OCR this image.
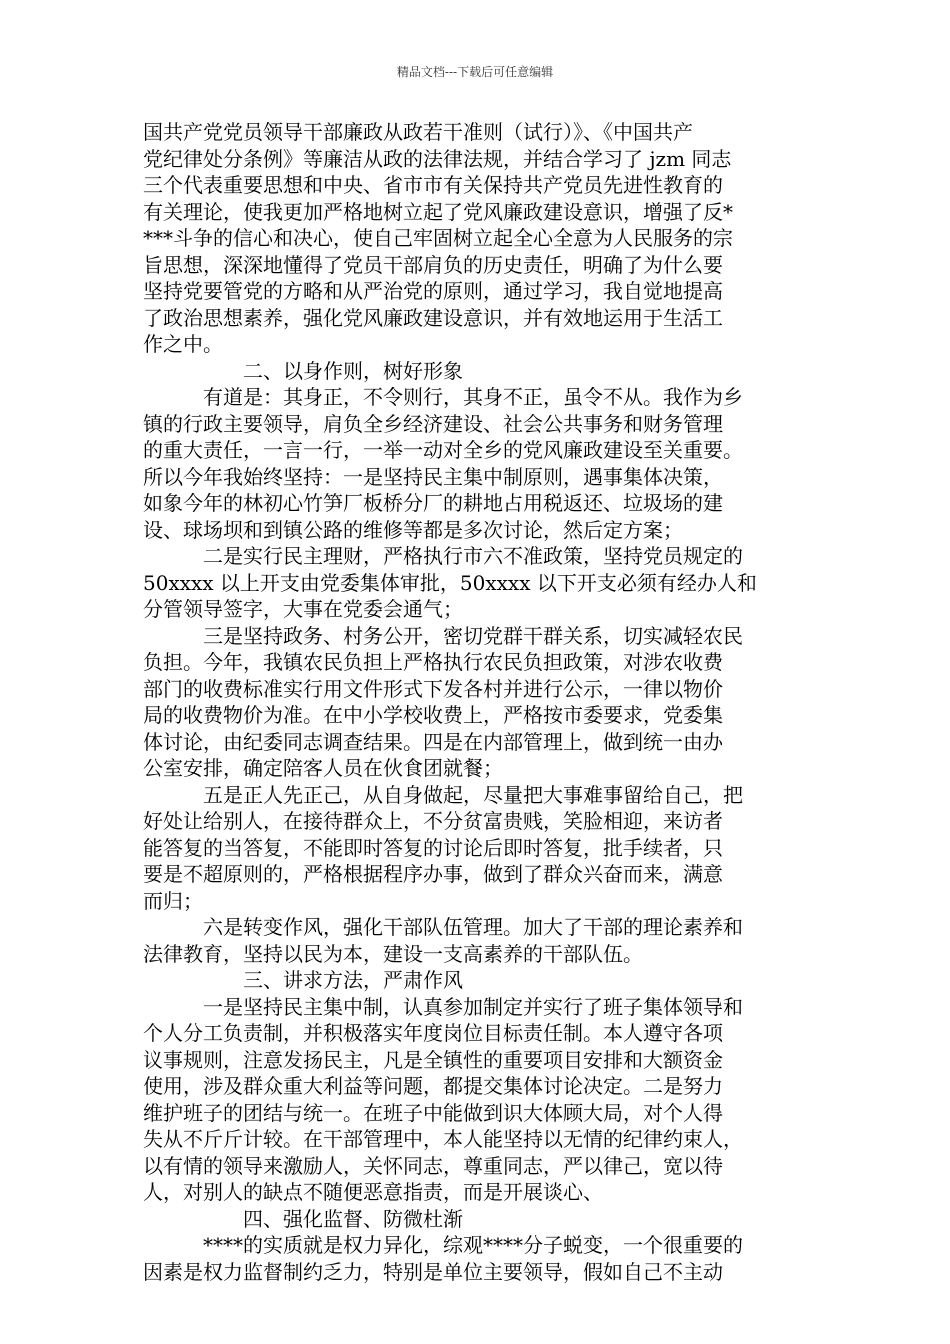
精品文档---下载后可任意编辑
国共产党党员领导干部廉政从政若干准则（试行）》、《中国共产
党纪律处分条例》等廉洁从政的法律法规，并结合学习了 jzm 同志
三个代表重要思想和中央、省市市有关保持共产党员先进性教育的
有关理论，使我更加严格地树立起了党风廉政建设意识，增强了反*
***斗争的信心和决心，使自己牢固树立起全心全意为人民服务的宗
旨思想，深深地懂得了党员干部肩负的历史责任，明确了为什么要
坚持党要管党的方略和从严治党的原则，通过学习，我自觉地提高
了政治思想素养，强化党风廉政建设意识，并有效地运用于生活工
作之中。
二、以身作则，树好形象
有道是：其身正，不令则行，其身不正，虽令不从。我作为乡
镇的行政主要领导，肩负全乡经济建设、社会公共事务和财务管理
的重大责任，一言一行，一举一动对全乡的党风廉政建设至关重要。
所以今年我始终坚持：一是坚持民主集中制原则，遇事集体决策，
如象今年的林初心竹笋厂板桥分厂的耕地占用税返还、垃圾场的建
设、球场坝和到镇公路的维修等都是多次讨论，然后定方案；
二是实行民主理财，严格执行市六不准政策，坚持党员规定的
50xxxx 以上开支由党委集体审批，50xxxx 以下开支必须有经办人和
分管领导签字，大事在党委会通气；
三是坚持政务、村务公开，密切党群干群关系，切实减轻农民
负担。今年，我镇农民负担上严格执行农民负担政策，对涉农收费
部门的收费标准实行用文件形式下发各村并进行公示，一律以物价
局的收费物价为准。在中小学校收费上，严格按市委要求，党委集
体讨论，由纪委同志调查结果。四是在内部管理上，做到统一由办
公室安排，确定陪客人员在伙食团就餐；
五是正人先正己，从自身做起，尽量把大事难事留给自己，把
好处让给别人，在接待群众上，不分贫富贵贱，笑脸相迎，来访者
能答复的当答复，不能即时答复的讨论后即时答复，批手续者，只
要是不超原则的，严格根据程序办事，做到了群众兴奋而来，满意
而归；
六是转变作风，强化干部队伍管理。加大了干部的理论素养和
法律教育，坚持以民为本，建设一支高素养的干部队伍。
三、讲求方法，严肃作风
一是坚持民主集中制，认真参加制定并实行了班子集体领导和
个人分工负责制，并积极落实年度岗位目标责任制。本人遵守各项
议事规则，注意发扬民主，凡是全镇性的重要项目安排和大额资金
使用，涉及群众重大利益等问题，都提交集体讨论决定。二是努力
维护班子的团结与统一。在班子中能做到识大体顾大局，对个人得
失从不斤斤计较。在干部管理中，本人能坚持以无情的纪律约束人，
以有情的领导来激励人，关怀同志，尊重同志，严以律己，宽以待
人，对别人的缺点不随便恶意指责，而是开展谈心、
四、强化监督、防微杜渐
****的实质就是权力异化，综观****分子蜕变，一个很重要的
因素是权力监督制约乏力，特别是单位主要领导，假如自己不主动
